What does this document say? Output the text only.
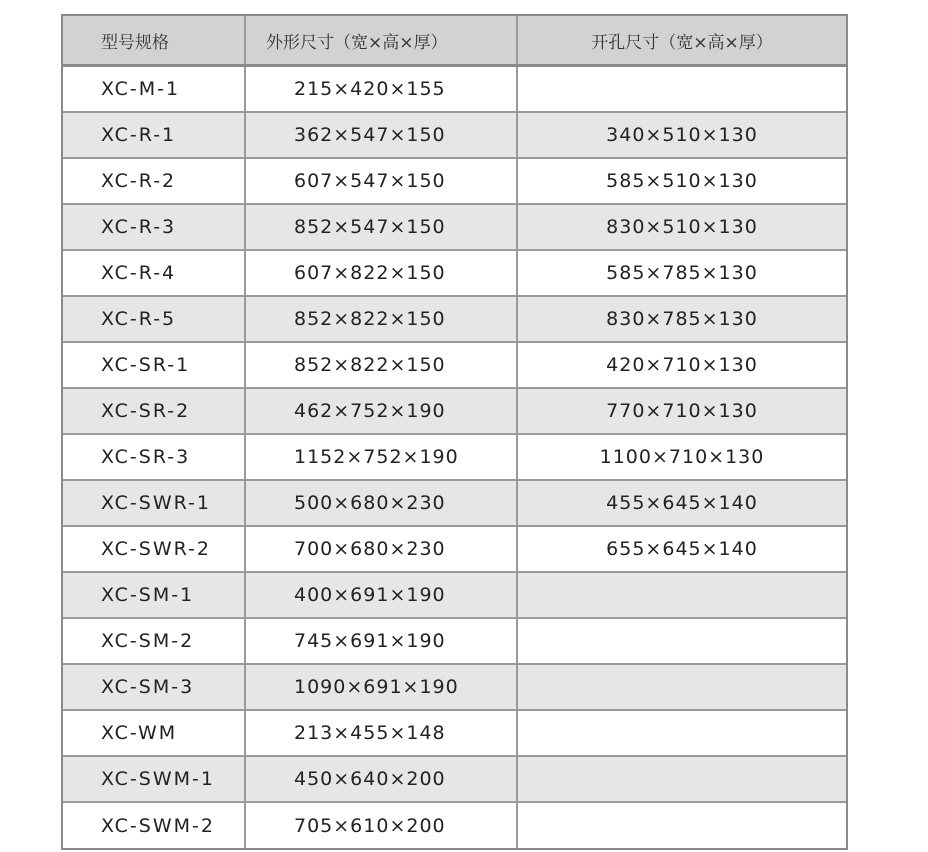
型号规格	外形尺寸（宽×高×厚）	开孔尺寸（宽×高×厚）
XC-M-1	215×420×155
XC-R-1	362×547×150	340×510×130
XC-R-2	607×547×150	585×510×130
XC-R-3	852×547×150	830×510×130
XC-R-4	607×822×150	585×785×130
XC-R-5	852×822×150	830×785×130
XC-SR-1	852×822×150	420×710×130
XC-SR-2	462×752×190	770×710×130
XC-SR-3	1152×752×190	1100×710×130
XC-SWR-1	500×680×230	455×645×140
XC-SWR-2	700×680×230	655×645×140
XC-SM-1	400×691×190
XC-SM-2	745×691×190
XC-SM-3	1090×691×190
XC-WM	213×455×148
XC-SWM-1	450×640×200
XC-SWM-2	705×610×200
